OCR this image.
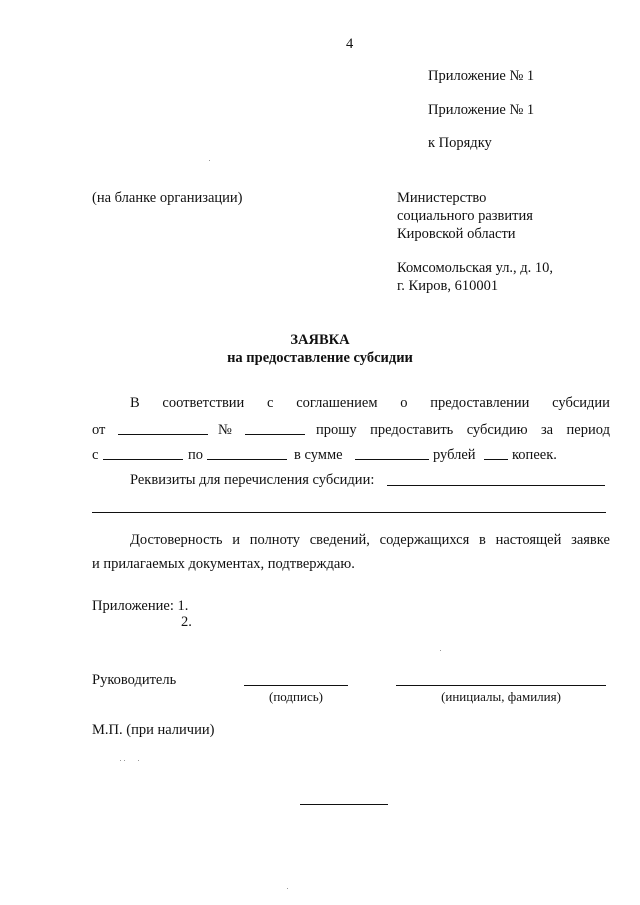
4
Приложение № 1
Приложение № 1
к Порядку
(на бланке организации)	Министерство
социального развития
Кировской области
Комсомольская ул., д. 10,
г. Киров, 610001
ЗАЯВКА
на предоставление субсидии
В соответствии с соглашением о предоставлении субсидии
от	№	прошу предоставить субсидию за период
с	по	в сумме	рублей	копеек.
Реквизиты для перечисления субсидии:
Достоверность и полноту сведений, содержащихся в настоящей заявке
и прилагаемых документах, подтверждаю.
Приложение: 1.
2.
Руководитель
(подпись)	(инициалы, фамилия)
М.П. (при наличии)
